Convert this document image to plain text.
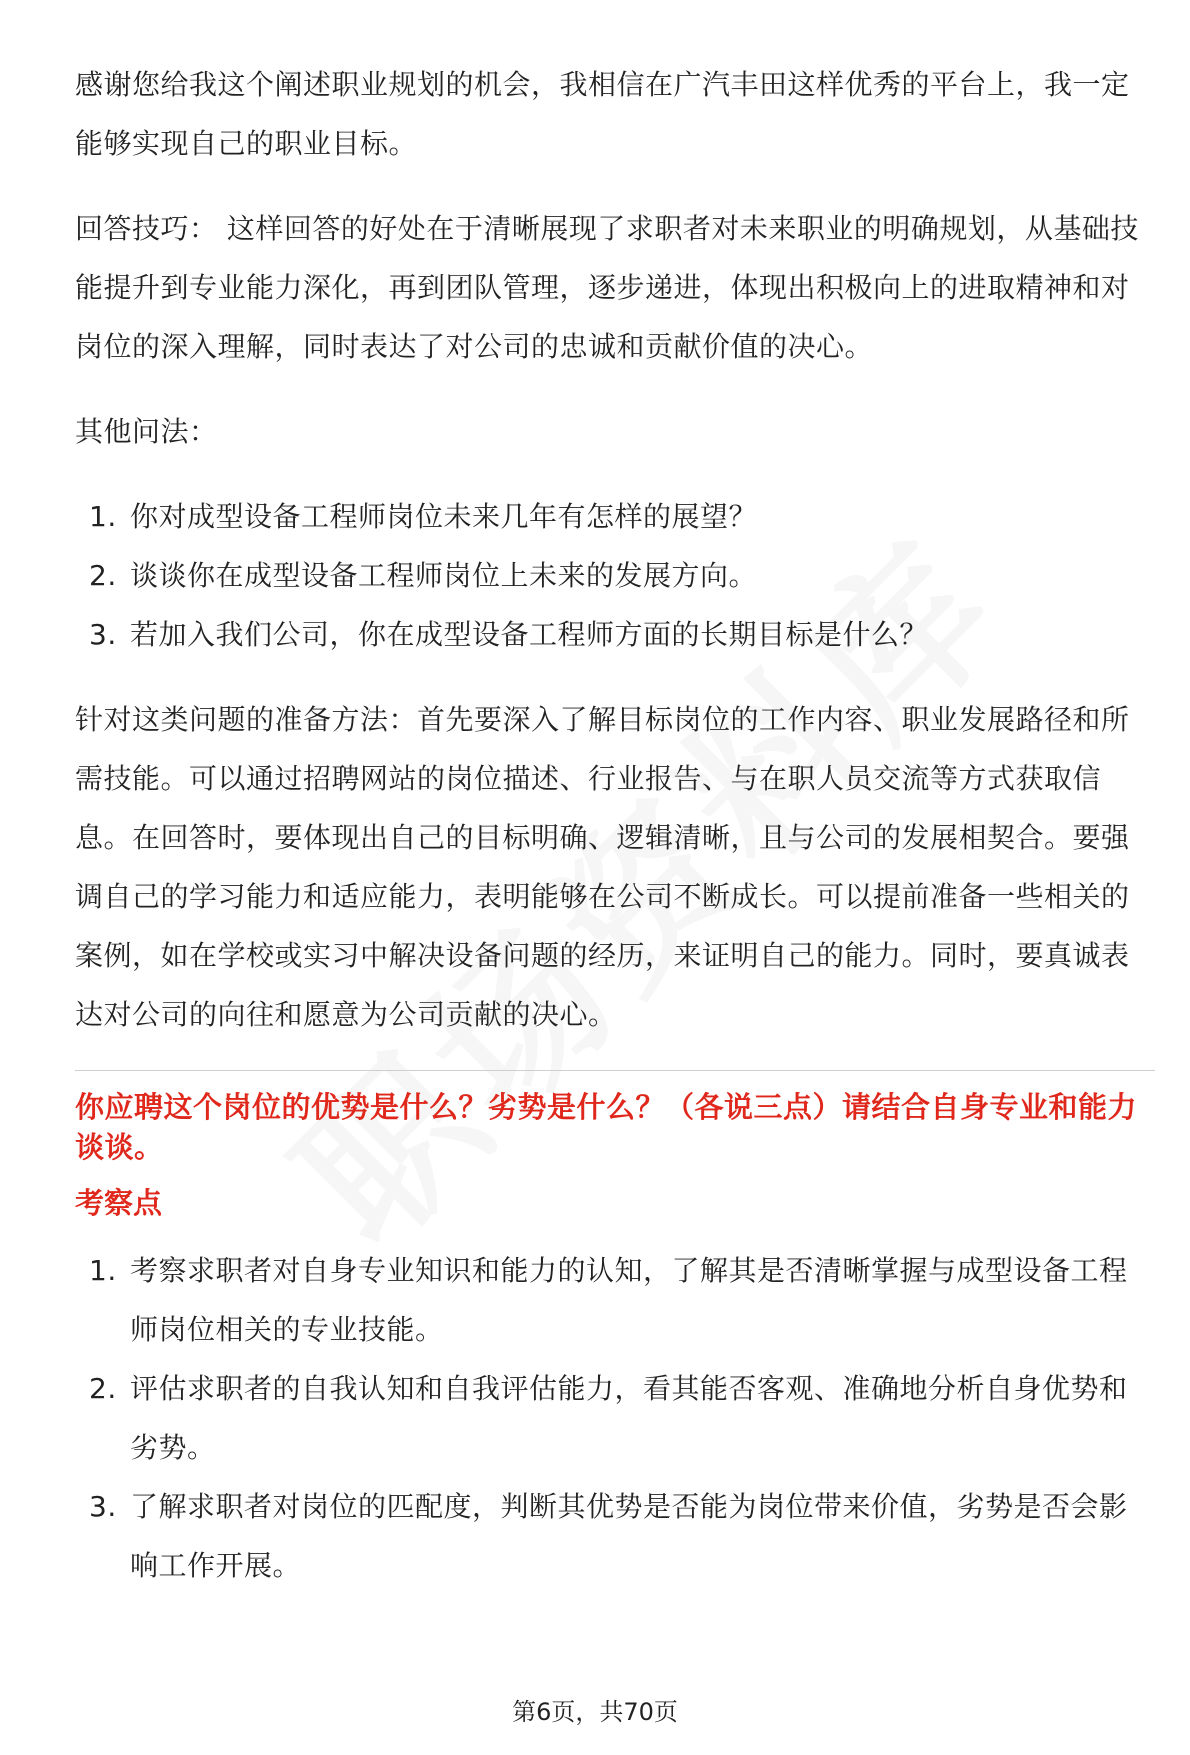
感谢您给我这个阐述职业规划的机会，我相信在广汽丰田这样优秀的平台上，我一定能够实现自己的职业目标。

回答技巧： 这样回答的好处在于清晰展现了求职者对未来职业的明确规划，从基础技能提升到专业能力深化，再到团队管理，逐步递进，体现出积极向上的进取精神和对岗位的深入理解，同时表达了对公司的忠诚和贡献价值的决心。

其他问法：

1. 你对成型设备工程师岗位未来几年有怎样的展望？
2. 谈谈你在成型设备工程师岗位上未来的发展方向。
3. 若加入我们公司，你在成型设备工程师方面的长期目标是什么？

针对这类问题的准备方法：首先要深入了解目标岗位的工作内容、职业发展路径和所需技能。可以通过招聘网站的岗位描述、行业报告、与在职人员交流等方式获取信息。在回答时，要体现出自己的目标明确、逻辑清晰，且与公司的发展相契合。要强调自己的学习能力和适应能力，表明能够在公司不断成长。可以提前准备一些相关的案例，如在学校或实习中解决设备问题的经历，来证明自己的能力。同时，要真诚表达对公司的向往和愿意为公司贡献的决心。

你应聘这个岗位的优势是什么？劣势是什么？（各说三点）请结合自身专业和能力谈谈。
考察点
1. 考察求职者对自身专业知识和能力的认知，了解其是否清晰掌握与成型设备工程师岗位相关的专业技能。
2. 评估求职者的自我认知和自我评估能力，看其能否客观、准确地分析自身优势和劣势。
3. 了解求职者对岗位的匹配度，判断其优势是否能为岗位带来价值，劣势是否会影响工作开展。
第6页，共70页
